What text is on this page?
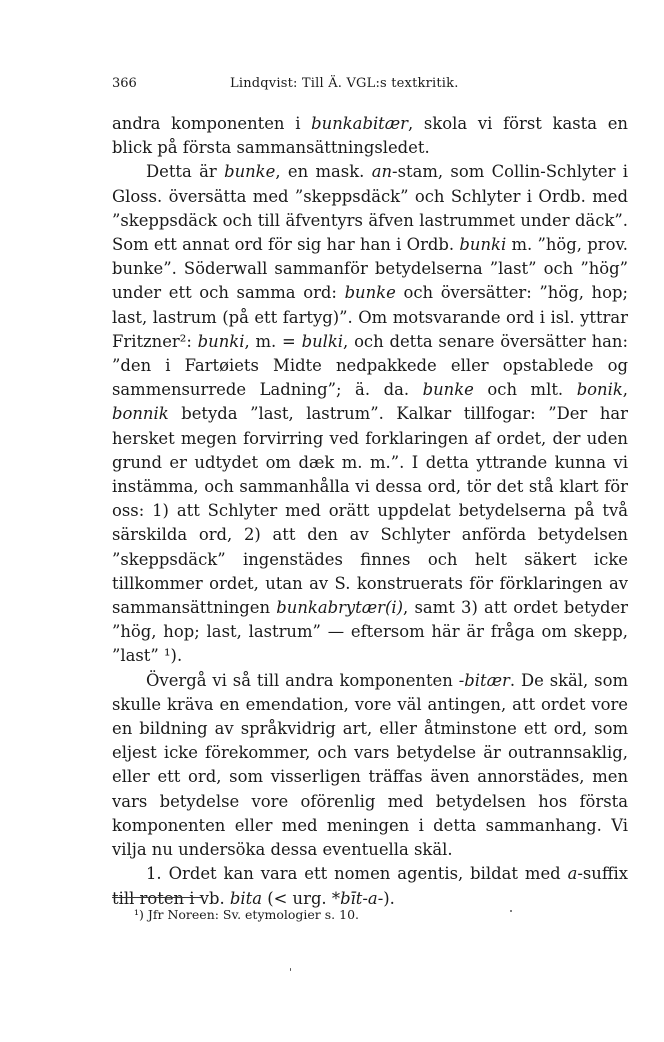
366	Lindqvist: Till Ä. VGL:s textkritik.

andra komponenten i bunkabitær, skola vi först kasta en blick på första sammansättningsledet.

Detta är bunke, en mask. an-stam, som Collin-Schlyter i Gloss. översätta med ”skeppsdäck” och Schlyter i Ordb. med ”skeppsdäck och till äfventyrs äfven lastrummet under däck”. Som ett annat ord för sig har han i Ordb. bunki m. ”hög, prov. bunke”. Söderwall sammanför betydelserna ”last” och ”hög” under ett och samma ord: bunke och översätter: ”hög, hop; last, lastrum (på ett fartyg)”. Om motsvarande ord i isl. yttrar Fritzner²: bunki, m. = bulki, och detta senare översätter han: ”den i Fartøiets Midte nedpakkede eller opstablede og sammensurrede Ladning”; ä. da. bunke och mlt. bonik, bonnik betyda ”last, lastrum”. Kalkar tillfogar: ”Der har hersket megen forvirring ved forklaringen af ordet, der uden grund er udtydet om dæk m. m.”. I detta yttrande kunna vi instämma, och sammanhålla vi dessa ord, tör det stå klart för oss: 1) att Schlyter med orätt uppdelat betydelserna på två särskilda ord, 2) att den av Schlyter anförda betydelsen ”skeppsdäck” ingenstädes finnes och helt säkert icke tillkommer ordet, utan av S. konstruerats för förklaringen av sammansättningen bunkabrytær(i), samt 3) att ordet betyder ”hög, hop; last, lastrum” — eftersom här är fråga om skepp, ”last” ¹).

Övergå vi så till andra komponenten -bitær. De skäl, som skulle kräva en emendation, vore väl antingen, att ordet vore en bildning av språkvidrig art, eller åtminstone ett ord, som eljest icke förekommer, och vars betydelse är outrannsaklig, eller ett ord, som visserligen träffas även annorstädes, men vars betydelse vore oförenlig med betydelsen hos första komponenten eller med meningen i detta sammanhang. Vi vilja nu undersöka dessa eventuella skäl.

1. Ordet kan vara ett nomen agentis, bildat med a-suffix till roten i vb. bita (< urg. *bīt-a-).

¹) Jfr Noreen: Sv. etymologier s. 10.
